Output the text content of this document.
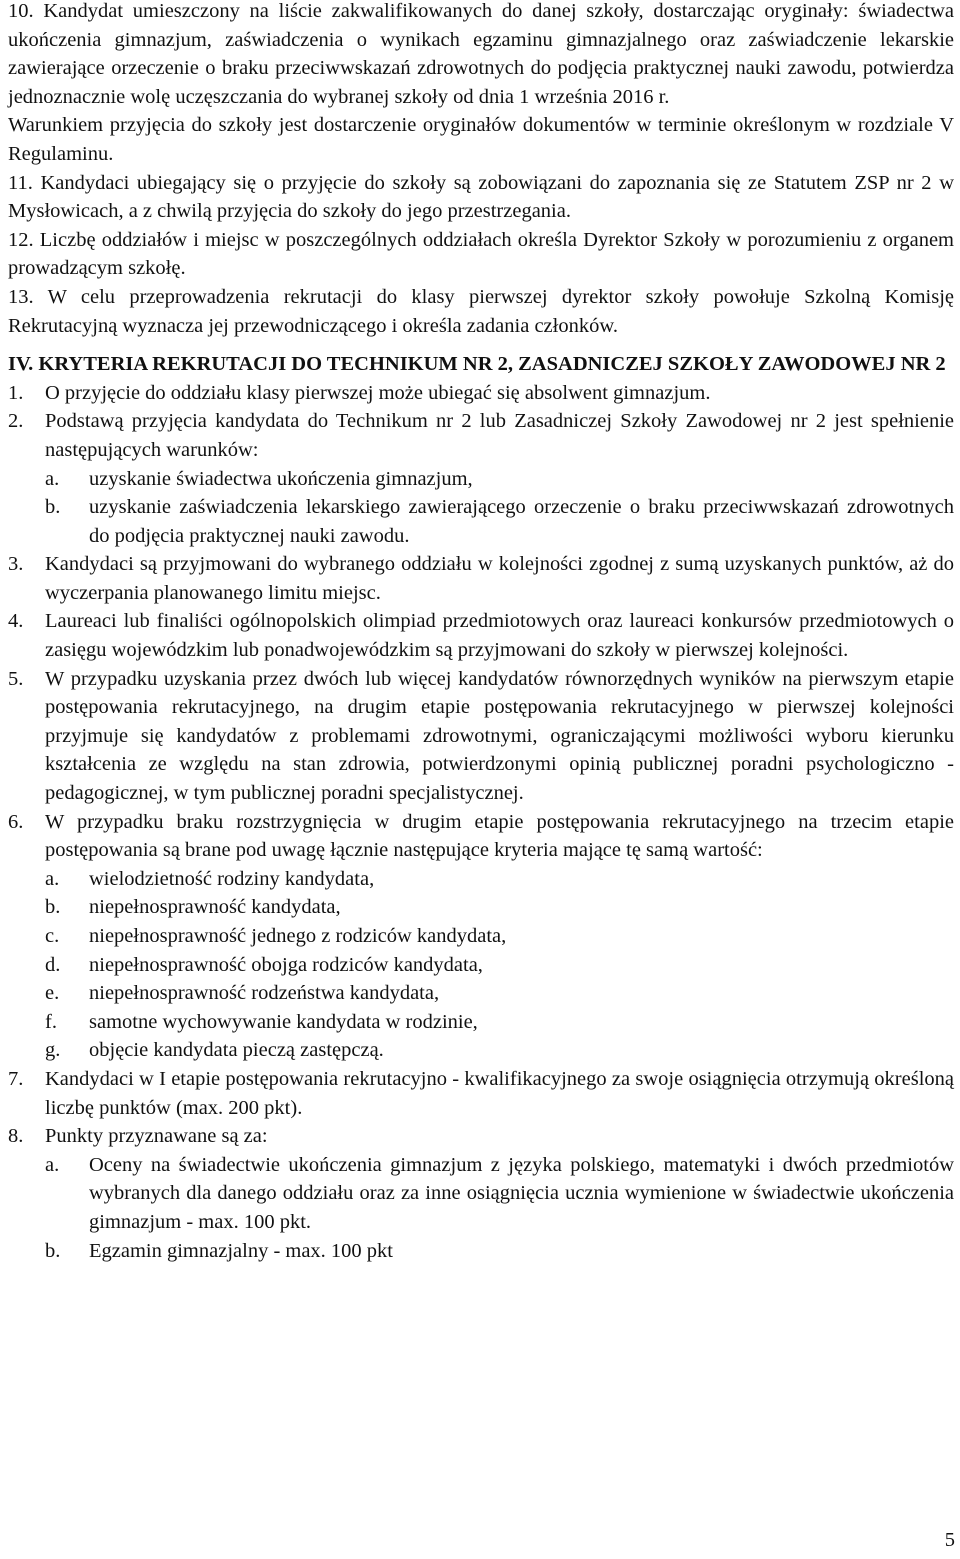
10. Kandydat umieszczony na liście zakwalifikowanych do danej szkoły, dostarczając oryginały: świadectwa ukończenia gimnazjum, zaświadczenia o wynikach egzaminu gimnazjalnego oraz zaświadczenie lekarskie zawierające orzeczenie o braku przeciwwskazań zdrowotnych do podjęcia praktycznej nauki zawodu, potwierdza jednoznacznie wolę uczęszczania do wybranej szkoły od dnia 1 września 2016 r.
Warunkiem przyjęcia do szkoły jest dostarczenie oryginałów dokumentów w terminie określonym w rozdziale V Regulaminu.
11. Kandydaci ubiegający się o przyjęcie do szkoły są zobowiązani do zapoznania się ze Statutem ZSP nr 2 w Mysłowicach, a z chwilą przyjęcia do szkoły do jego przestrzegania.
12. Liczbę oddziałów i miejsc w poszczególnych oddziałach określa Dyrektor Szkoły w porozumieniu z organem prowadzącym szkołę.
13. W celu przeprowadzenia rekrutacji do klasy pierwszej dyrektor szkoły powołuje Szkolną Komisję Rekrutacyjną wyznacza jej przewodniczącego i określa zadania członków.
IV. KRYTERIA REKRUTACJI DO TECHNIKUM NR 2, ZASADNICZEJ SZKOŁY ZAWODOWEJ NR 2
1.	O przyjęcie do oddziału klasy pierwszej może ubiegać się absolwent gimnazjum.
2.	Podstawą przyjęcia kandydata do Technikum nr 2 lub Zasadniczej Szkoły Zawodowej nr 2 jest spełnienie następujących warunków:
a.	uzyskanie świadectwa ukończenia gimnazjum,
b.	uzyskanie zaświadczenia lekarskiego zawierającego orzeczenie o braku przeciwwskazań zdrowotnych do podjęcia praktycznej nauki zawodu.
3.	Kandydaci są przyjmowani do wybranego oddziału w kolejności zgodnej z sumą uzyskanych punktów, aż do wyczerpania planowanego limitu miejsc.
4.	Laureaci lub finaliści ogólnopolskich olimpiad przedmiotowych oraz laureaci konkursów przedmiotowych o zasięgu wojewódzkim lub ponadwojewódzkim są przyjmowani do szkoły w pierwszej kolejności.
5.	W przypadku uzyskania przez dwóch lub więcej kandydatów równorzędnych wyników na pierwszym etapie postępowania rekrutacyjnego, na drugim etapie postępowania rekrutacyjnego w pierwszej kolejności przyjmuje się kandydatów z problemami zdrowotnymi, ograniczającymi możliwości wyboru kierunku kształcenia ze względu na stan zdrowia, potwierdzonymi opinią publicznej poradni psychologiczno - pedagogicznej, w tym publicznej poradni specjalistycznej.
6.	W przypadku braku rozstrzygnięcia w drugim etapie postępowania rekrutacyjnego na trzecim etapie postępowania są brane pod uwagę łącznie następujące kryteria mające tę samą wartość:
a.	wielodzietność rodziny kandydata,
b.	niepełnosprawność kandydata,
c.	niepełnosprawność jednego z rodziców kandydata,
d.	niepełnosprawność obojga rodziców kandydata,
e.	niepełnosprawność rodzeństwa kandydata,
f.	samotne wychowywanie kandydata w rodzinie,
g.	objęcie kandydata pieczą zastępczą.
7.	Kandydaci w I etapie postępowania rekrutacyjno - kwalifikacyjnego za swoje osiągnięcia otrzymują określoną liczbę punktów (max. 200 pkt).
8.	Punkty przyznawane są za:
a.	Oceny na świadectwie ukończenia gimnazjum z języka polskiego, matematyki i dwóch przedmiotów wybranych dla danego oddziału oraz za inne osiągnięcia ucznia wymienione w świadectwie ukończenia gimnazjum - max. 100 pkt.
b.	Egzamin gimnazjalny - max. 100 pkt
5
